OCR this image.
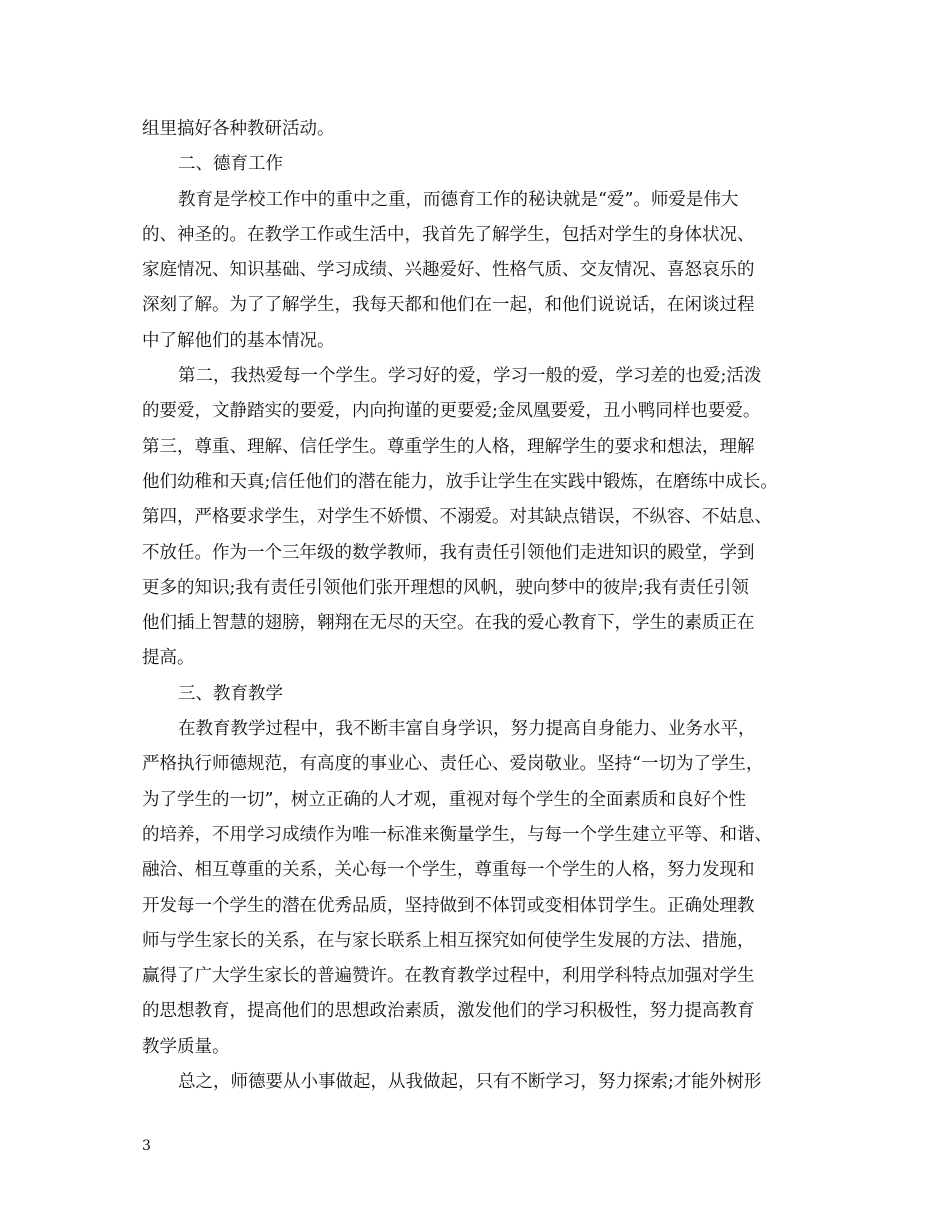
组里搞好各种教研活动。
二、德育工作
教育是学校工作中的重中之重，而德育工作的秘诀就是“爱”。师爱是伟大
的、神圣的。在教学工作或生活中，我首先了解学生，包括对学生的身体状况、
家庭情况、知识基础、学习成绩、兴趣爱好、性格气质、交友情况、喜怒哀乐的
深刻了解。为了了解学生，我每天都和他们在一起，和他们说说话，在闲谈过程
中了解他们的基本情况。
第二，我热爱每一个学生。学习好的爱，学习一般的爱，学习差的也爱;活泼
的要爱，文静踏实的要爱，内向拘谨的更要爱;金凤凰要爱，丑小鸭同样也要爱。
第三，尊重、理解、信任学生。尊重学生的人格，理解学生的要求和想法，理解
他们幼稚和天真;信任他们的潜在能力，放手让学生在实践中锻炼，在磨练中成长。
第四，严格要求学生，对学生不娇惯、不溺爱。对其缺点错误，不纵容、不姑息、
不放任。作为一个三年级的数学教师，我有责任引领他们走进知识的殿堂，学到
更多的知识;我有责任引领他们张开理想的风帆，驶向梦中的彼岸;我有责任引领
他们插上智慧的翅膀，翱翔在无尽的天空。在我的爱心教育下，学生的素质正在
提高。
三、教育教学
在教育教学过程中，我不断丰富自身学识，努力提高自身能力、业务水平，
严格执行师德规范，有高度的事业心、责任心、爱岗敬业。坚持“一切为了学生，
为了学生的一切”，树立正确的人才观，重视对每个学生的全面素质和良好个性
的培养，不用学习成绩作为唯一标准来衡量学生，与每一个学生建立平等、和谐、
融洽、相互尊重的关系，关心每一个学生，尊重每一个学生的人格，努力发现和
开发每一个学生的潜在优秀品质，坚持做到不体罚或变相体罚学生。正确处理教
师与学生家长的关系，在与家长联系上相互探究如何使学生发展的方法、措施，
赢得了广大学生家长的普遍赞许。在教育教学过程中，利用学科特点加强对学生
的思想教育，提高他们的思想政治素质，激发他们的学习积极性，努力提高教育
教学质量。
总之，师德要从小事做起，从我做起，只有不断学习，努力探索;才能外树形
3
